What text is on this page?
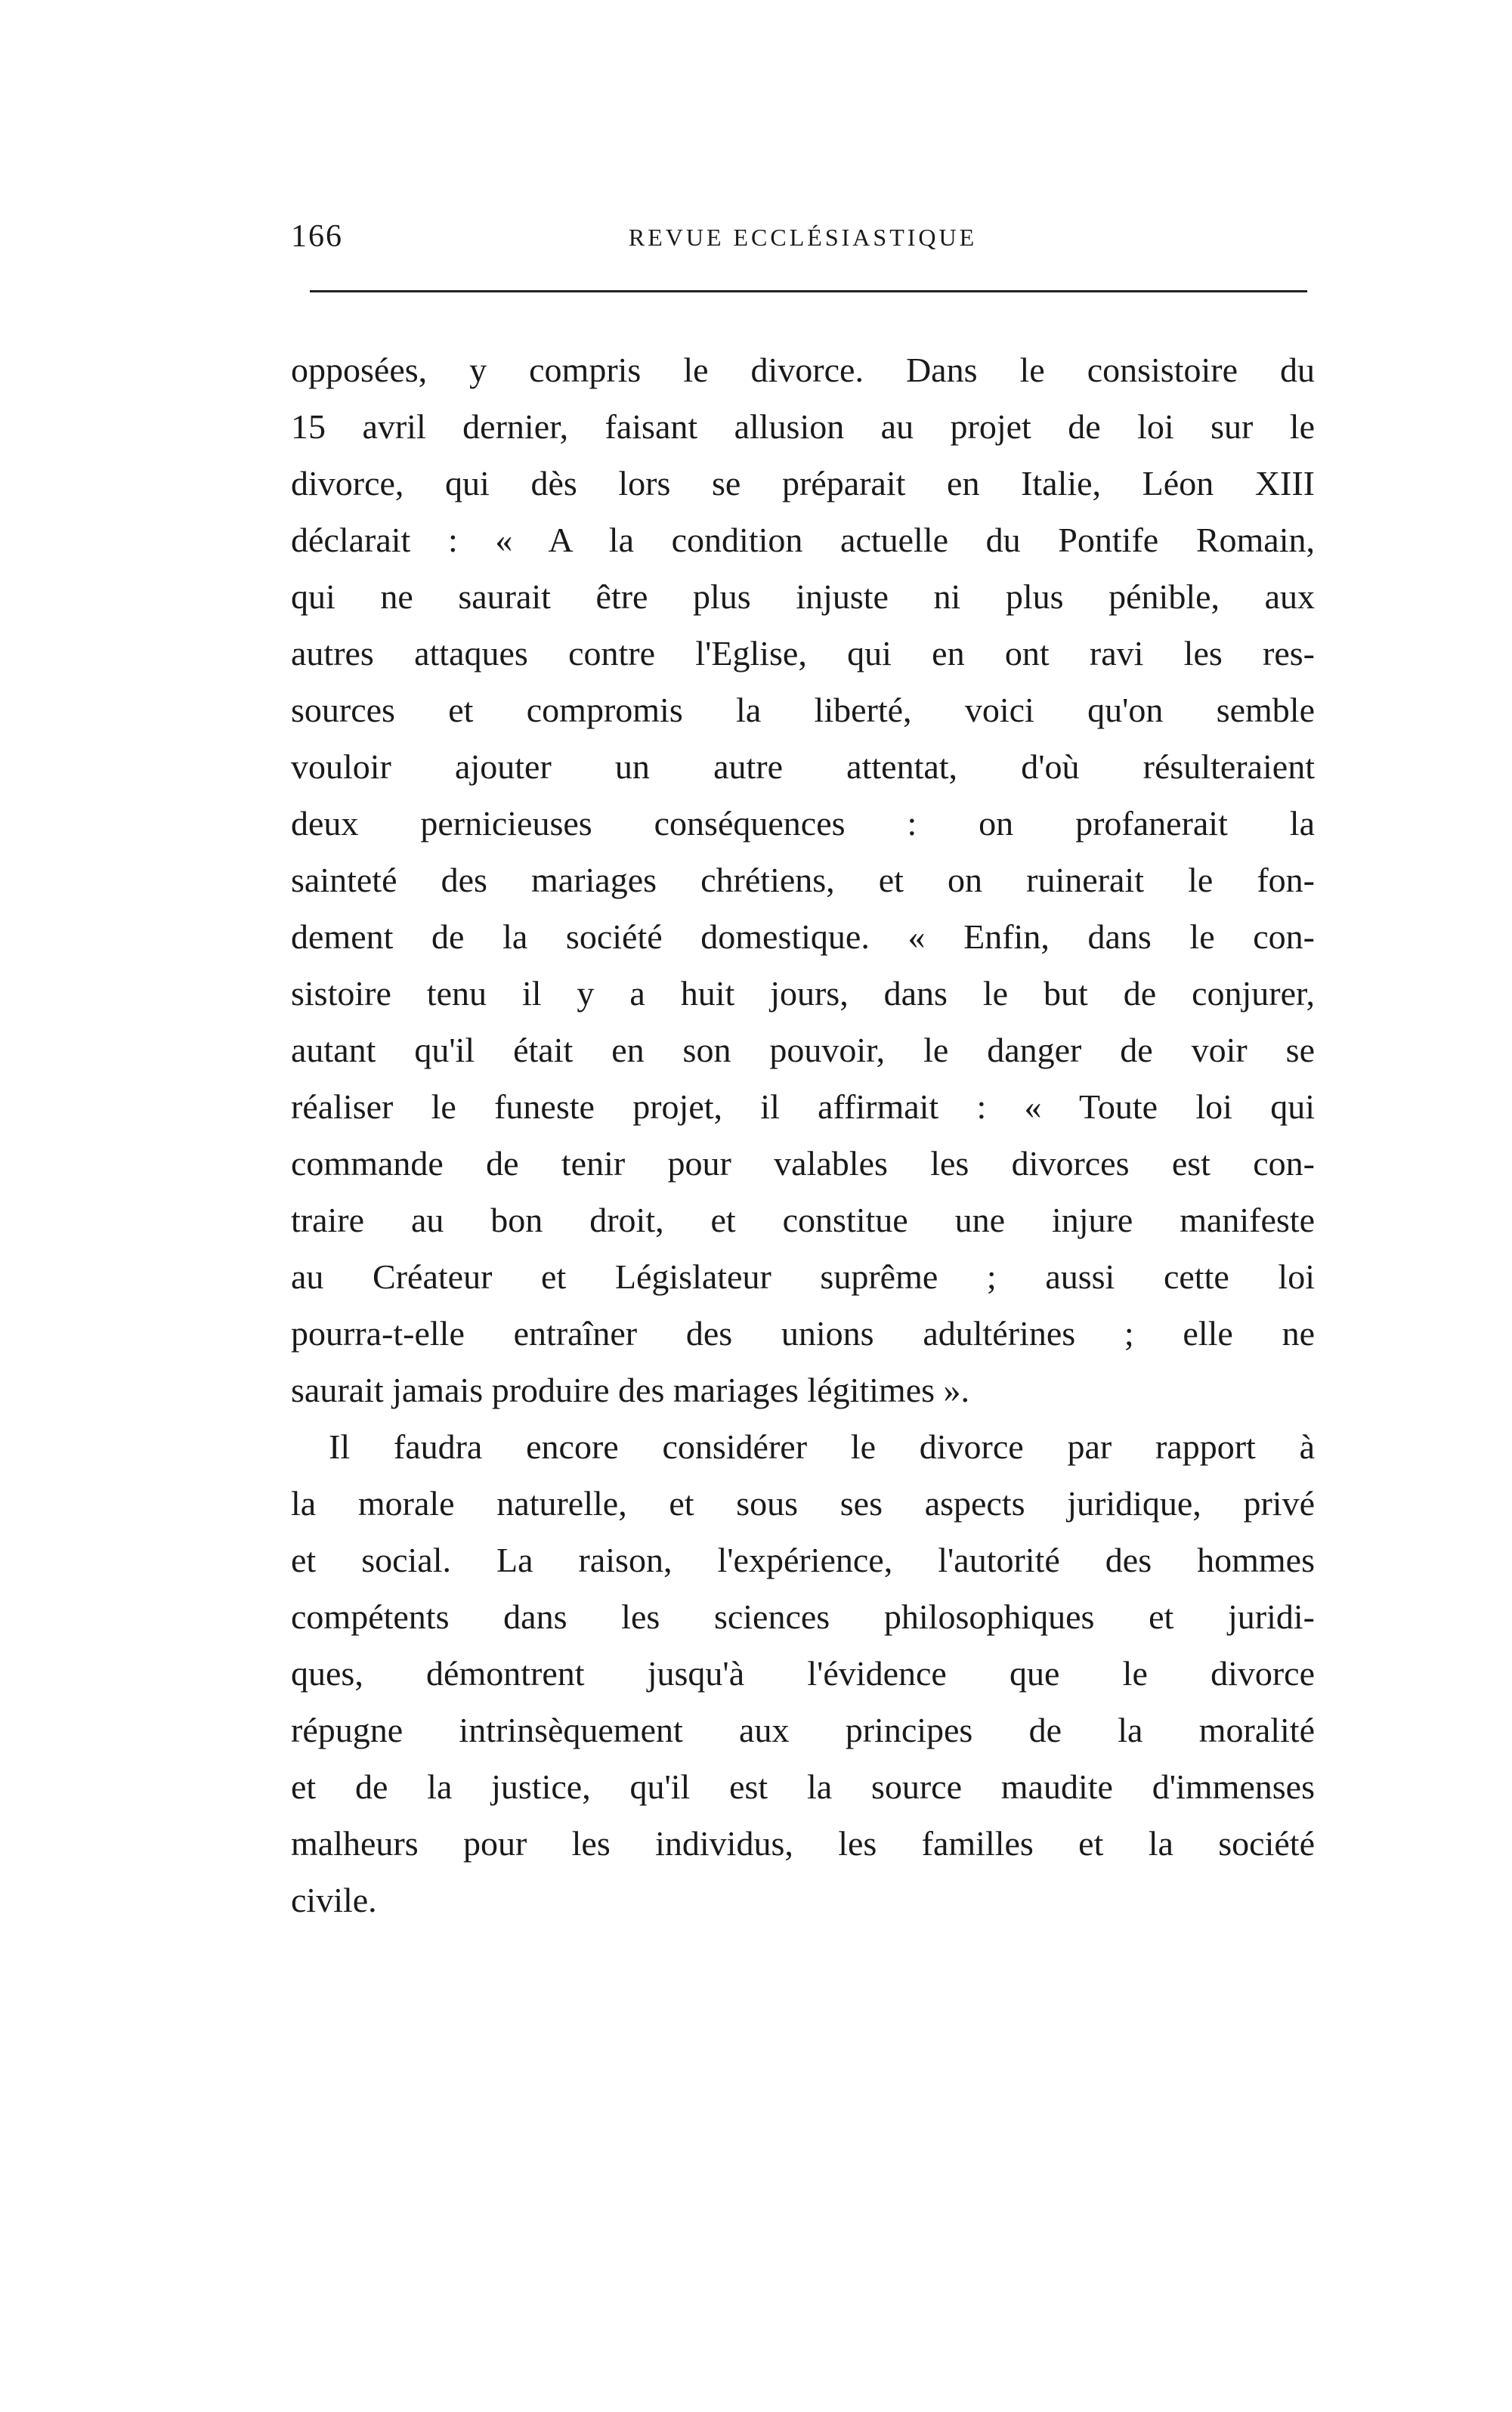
166	REVUE ECCLÉSIASTIQUE
opposées, y compris le divorce. Dans le consistoire du
15 avril dernier, faisant allusion au projet de loi sur le
divorce, qui dès lors se préparait en Italie, Léon XIII
déclarait : « A la condition actuelle du Pontife Romain,
qui ne saurait être plus injuste ni plus pénible, aux
autres attaques contre l'Eglise, qui en ont ravi les res-
sources et compromis la liberté, voici qu'on semble
vouloir ajouter un autre attentat, d'où résulteraient
deux pernicieuses conséquences : on profanerait la
sainteté des mariages chrétiens, et on ruinerait le fon-
dement de la société domestique. « Enfin, dans le con-
sistoire tenu il y a huit jours, dans le but de conjurer,
autant qu'il était en son pouvoir, le danger de voir se
réaliser le funeste projet, il affirmait : « Toute loi qui
commande de tenir pour valables les divorces est con-
traire au bon droit, et constitue une injure manifeste
au Créateur et Législateur suprême ; aussi cette loi
pourra-t-elle entraîner des unions adultérines ; elle ne
saurait jamais produire des mariages légitimes ».
Il faudra encore considérer le divorce par rapport à
la morale naturelle, et sous ses aspects juridique, privé
et social. La raison, l'expérience, l'autorité des hommes
compétents dans les sciences philosophiques et juridi-
ques, démontrent jusqu'à l'évidence que le divorce
répugne intrinsèquement aux principes de la moralité
et de la justice, qu'il est la source maudite d'immenses
malheurs pour les individus, les familles et la société
civile.
